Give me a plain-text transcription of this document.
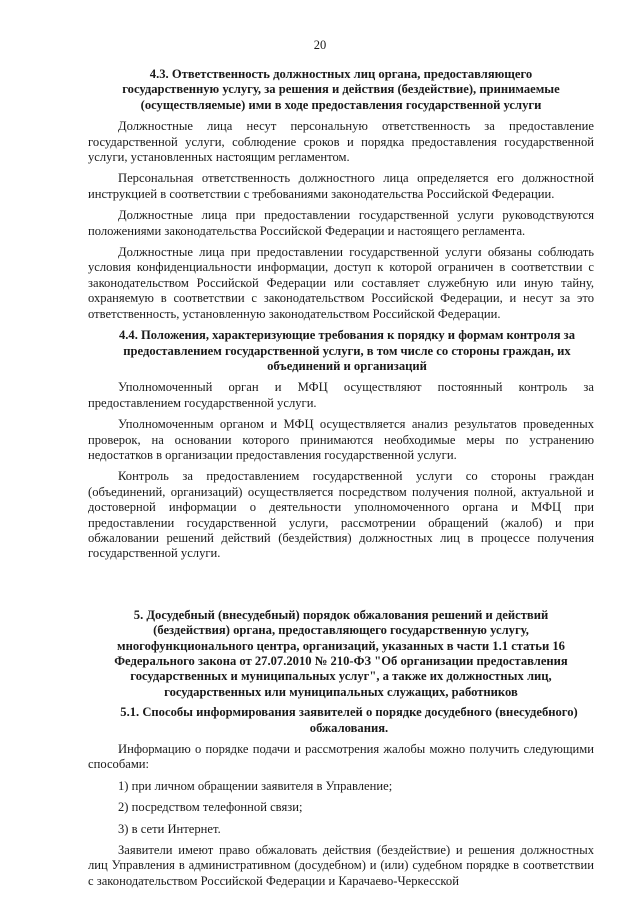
20

4.3. Ответственность должностных лиц органа, предоставляющего государственную услугу, за решения и действия (бездействие), принимаемые (осуществляемые) ими в ходе предоставления государственной услуги

Должностные лица несут персональную ответственность за предоставление государственной услуги, соблюдение сроков и порядка предоставления государственной услуги, установленных настоящим регламентом.

Персональная ответственность должностного лица определяется его должностной инструкцией в соответствии с требованиями законодательства Российской Федерации.

Должностные лица при предоставлении государственной услуги руководствуются положениями законодательства Российской Федерации и настоящего регламента.

Должностные лица при предоставлении государственной услуги обязаны соблюдать условия конфиденциальности информации, доступ к которой ограничен в соответствии с законодательством Российской Федерации или составляет служебную или иную тайну, охраняемую в соответствии с законодательством Российской Федерации, и несут за это ответственность, установленную законодательством Российской Федерации.

4.4. Положения, характеризующие требования к порядку и формам контроля за предоставлением государственной услуги, в том числе со стороны граждан, их объединений и организаций

Уполномоченный орган и МФЦ осуществляют постоянный контроль за предоставлением государственной услуги.

Уполномоченным органом и МФЦ осуществляется анализ результатов проведенных проверок, на основании которого принимаются необходимые меры по устранению недостатков в организации предоставления государственной услуги.

Контроль за предоставлением государственной услуги со стороны граждан (объединений, организаций) осуществляется посредством получения полной, актуальной и достоверной информации о деятельности уполномоченного органа и МФЦ при предоставлении государственной услуги, рассмотрении обращений (жалоб) и при обжаловании решений действий (бездействия) должностных лиц в процессе получения государственной услуги.

5. Досудебный (внесудебный) порядок обжалования решений и действий (бездействия) органа, предоставляющего государственную услугу, многофункционального центра, организаций, указанных в части 1.1 статьи 16 Федерального закона от 27.07.2010 № 210-ФЗ "Об организации предоставления государственных и муниципальных услуг", а также их должностных лиц, государственных или муниципальных служащих, работников

5.1. Способы информирования заявителей о порядке досудебного (внесудебного) обжалования.

Информацию о порядке подачи и рассмотрения жалобы можно получить следующими способами:

1) при личном обращении заявителя в Управление;

2) посредством телефонной связи;

3) в сети Интернет.

Заявители имеют право обжаловать действия (бездействие) и решения должностных лиц Управления в административном (досудебном) и (или) судебном порядке в соответствии с законодательством Российской Федерации и Карачаево-Черкесской
